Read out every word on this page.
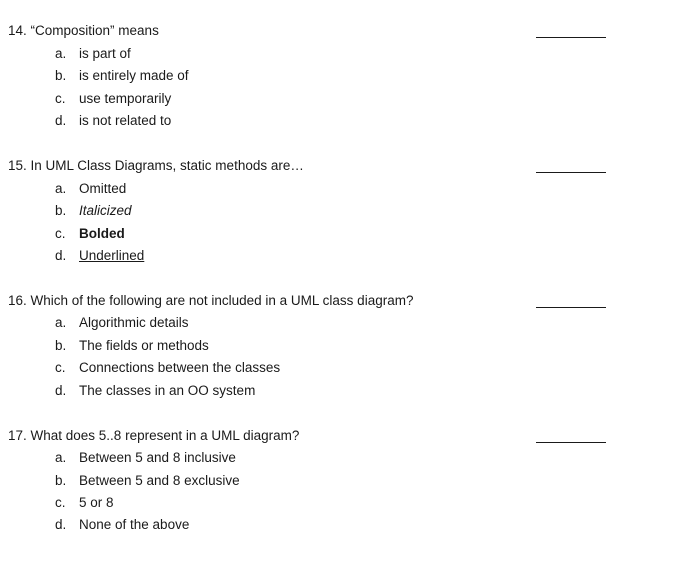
14. “Composition” means
a. is part of
b. is entirely made of
c. use temporarily
d. is not related to
15. In UML Class Diagrams, static methods are…
a. Omitted
b. Italicized
c. Bolded
d. Underlined
16. Which of the following are not included in a UML class diagram?
a. Algorithmic details
b. The fields or methods
c. Connections between the classes
d. The classes in an OO system
17. What does 5..8 represent in a UML diagram?
a. Between 5 and 8 inclusive
b. Between 5 and 8 exclusive
c. 5 or 8
d. None of the above
